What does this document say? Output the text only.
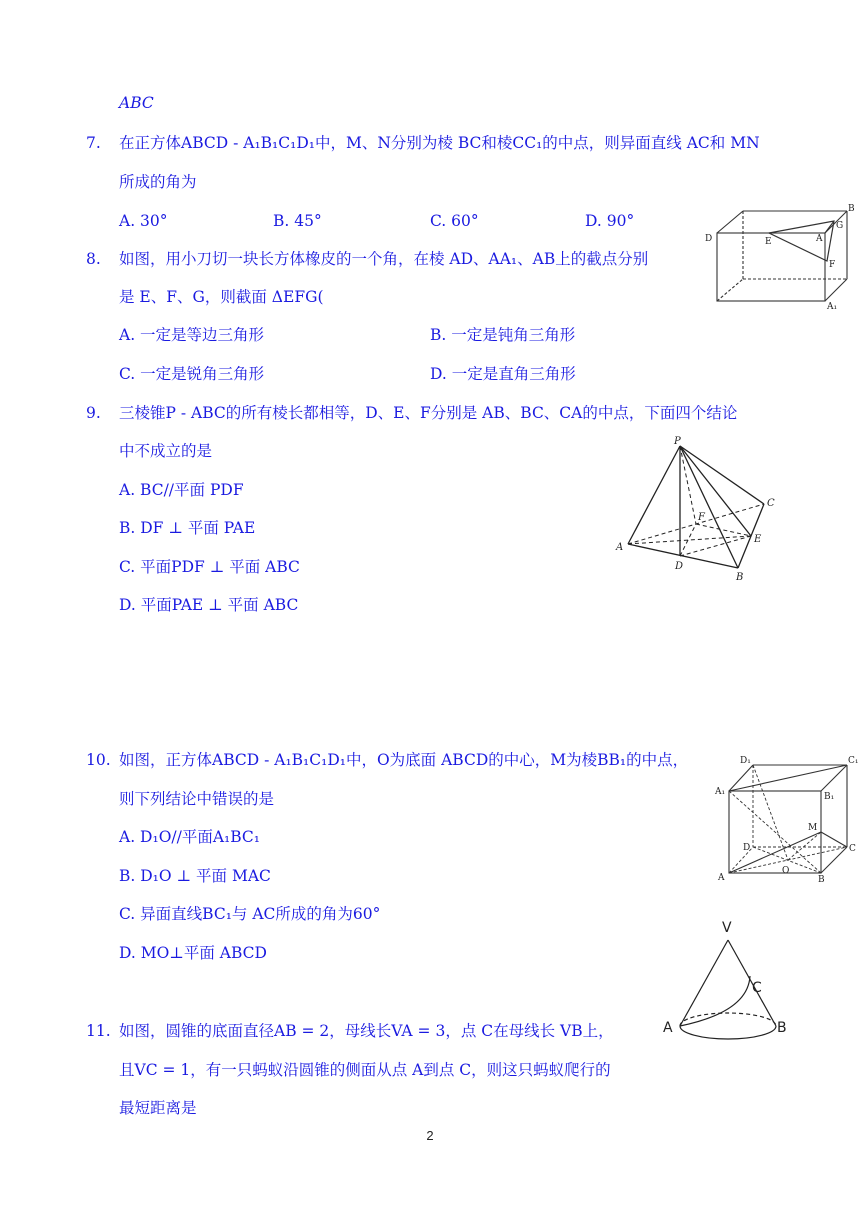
ABC
7. 在正方体ABCD - A₁B₁C₁D₁中，M、N分别为棱 BC和棱CC₁的中点，则异面直线 AC和 MN
所成的角为
A. 30°	B. 45°	C. 60°	D. 90°
D	E	A
G
B
F
A₁
8. 如图，用小刀切一块长方体橡皮的一个角，在棱 AD、AA₁、AB上的截点分别
是 E、F、G，则截面 ΔEFG(
A. 一定是等边三角形	B. 一定是钝角三角形
C. 一定是锐角三角形	D. 一定是直角三角形
9. 三棱锥P - ABC的所有棱长都相等，D、E、F分别是 AB、BC、CA的中点，下面四个结论
中不成立的是
A. BC//平面 PDF
B. DF ⊥ 平面 PAE
C. 平面PDF ⊥ 平面 ABC
D. 平面PAE ⊥ 平面 ABC
P
C
F
E
A
D
B
10. 如图，正方体ABCD - A₁B₁C₁D₁中，O为底面 ABCD的中心，M为棱BB₁的中点，
则下列结论中错误的是
A. D₁O//平面A₁BC₁
B. D₁O ⊥ 平面 MAC
C. 异面直线BC₁与 AC所成的角为60°
D. MO⊥平面 ABCD
D₁	C₁
A₁	B₁
M
D	C
O
A	B
11. 如图，圆锥的底面直径AB = 2，母线长VA = 3，点 C在母线长 VB上，
且VC = 1，有一只蚂蚁沿圆锥的侧面从点 A到点 C，则这只蚂蚁爬行的
最短距离是
V
C
A	B
2
